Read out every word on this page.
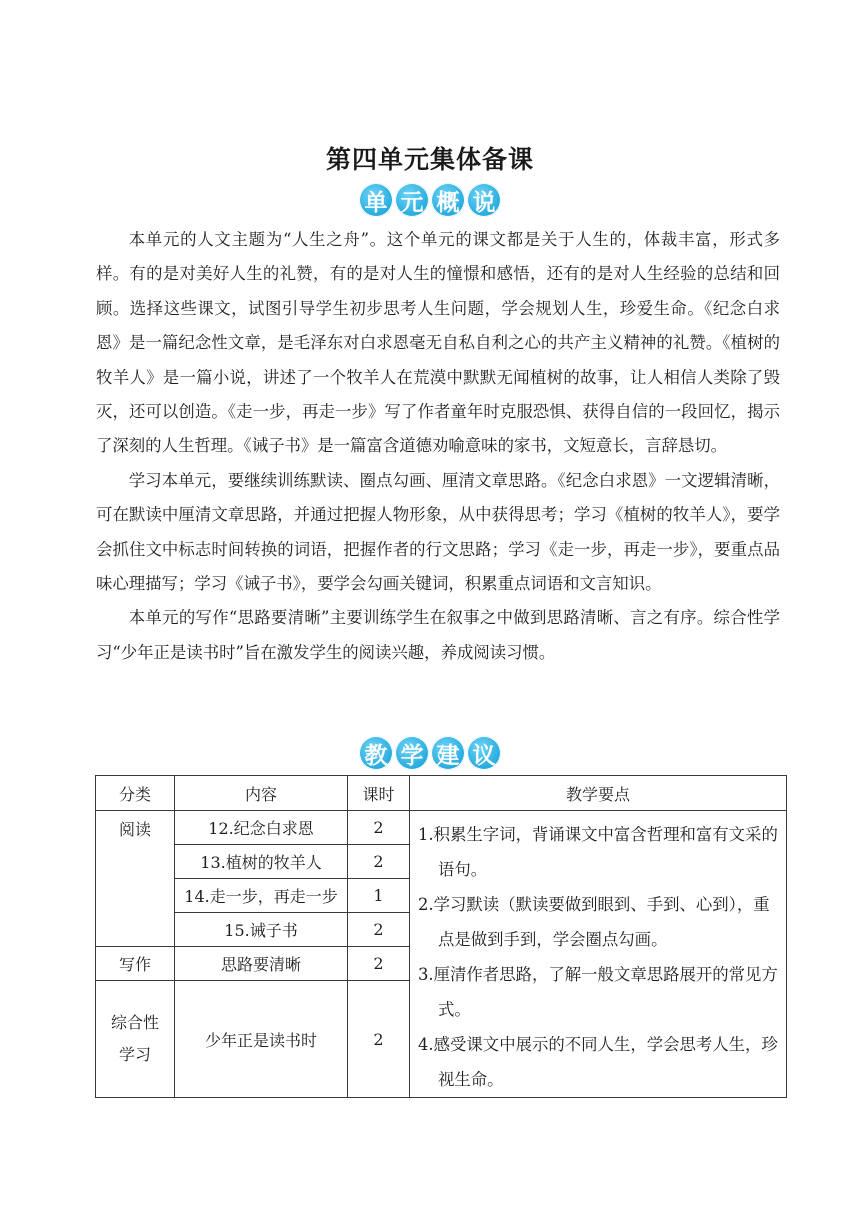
第四单元集体备课
单 元 概 说

本单元的人文主题为“人生之舟”。这个单元的课文都是关于人生的，体裁丰富，形式多样。有的是对美好人生的礼赞，有的是对人生的憧憬和感悟，还有的是对人生经验的总结和回顾。选择这些课文，试图引导学生初步思考人生问题，学会规划人生，珍爱生命。《纪念白求恩》是一篇纪念性文章，是毛泽东对白求恩毫无自私自利之心的共产主义精神的礼赞。《植树的牧羊人》是一篇小说，讲述了一个牧羊人在荒漠中默默无闻植树的故事，让人相信人类除了毁灭，还可以创造。《走一步，再走一步》写了作者童年时克服恐惧、获得自信的一段回忆，揭示了深刻的人生哲理。《诫子书》是一篇富含道德劝喻意味的家书，文短意长，言辞恳切。

学习本单元，要继续训练默读、圈点勾画、厘清文章思路。《纪念白求恩》一文逻辑清晰，可在默读中厘清文章思路，并通过把握人物形象，从中获得思考；学习《植树的牧羊人》，要学会抓住文中标志时间转换的词语，把握作者的行文思路；学习《走一步，再走一步》，要重点品味心理描写；学习《诫子书》，要学会勾画关键词，积累重点词语和文言知识。

本单元的写作“思路要清晰”主要训练学生在叙事之中做到思路清晰、言之有序。综合性学习“少年正是读书时”旨在激发学生的阅读兴趣，养成阅读习惯。

教 学 建 议
分类	内容	课时	教学要点
阅读	12.纪念白求恩	2	1.积累生字词，背诵课文中富含哲理和富有文采的语句。
2.学习默读（默读要做到眼到、手到、心到），重点是做到手到，学会圈点勾画。
3.厘清作者思路，了解一般文章思路展开的常见方式。
4.感受课文中展示的不同人生，学会思考人生，珍视生命。

	13.植树的牧羊人	2	
	14.走一步，再走一步	1	
	15.诫子书	2	
写作	思路要清晰	2	
综合性学习	少年正是读书时	2	
